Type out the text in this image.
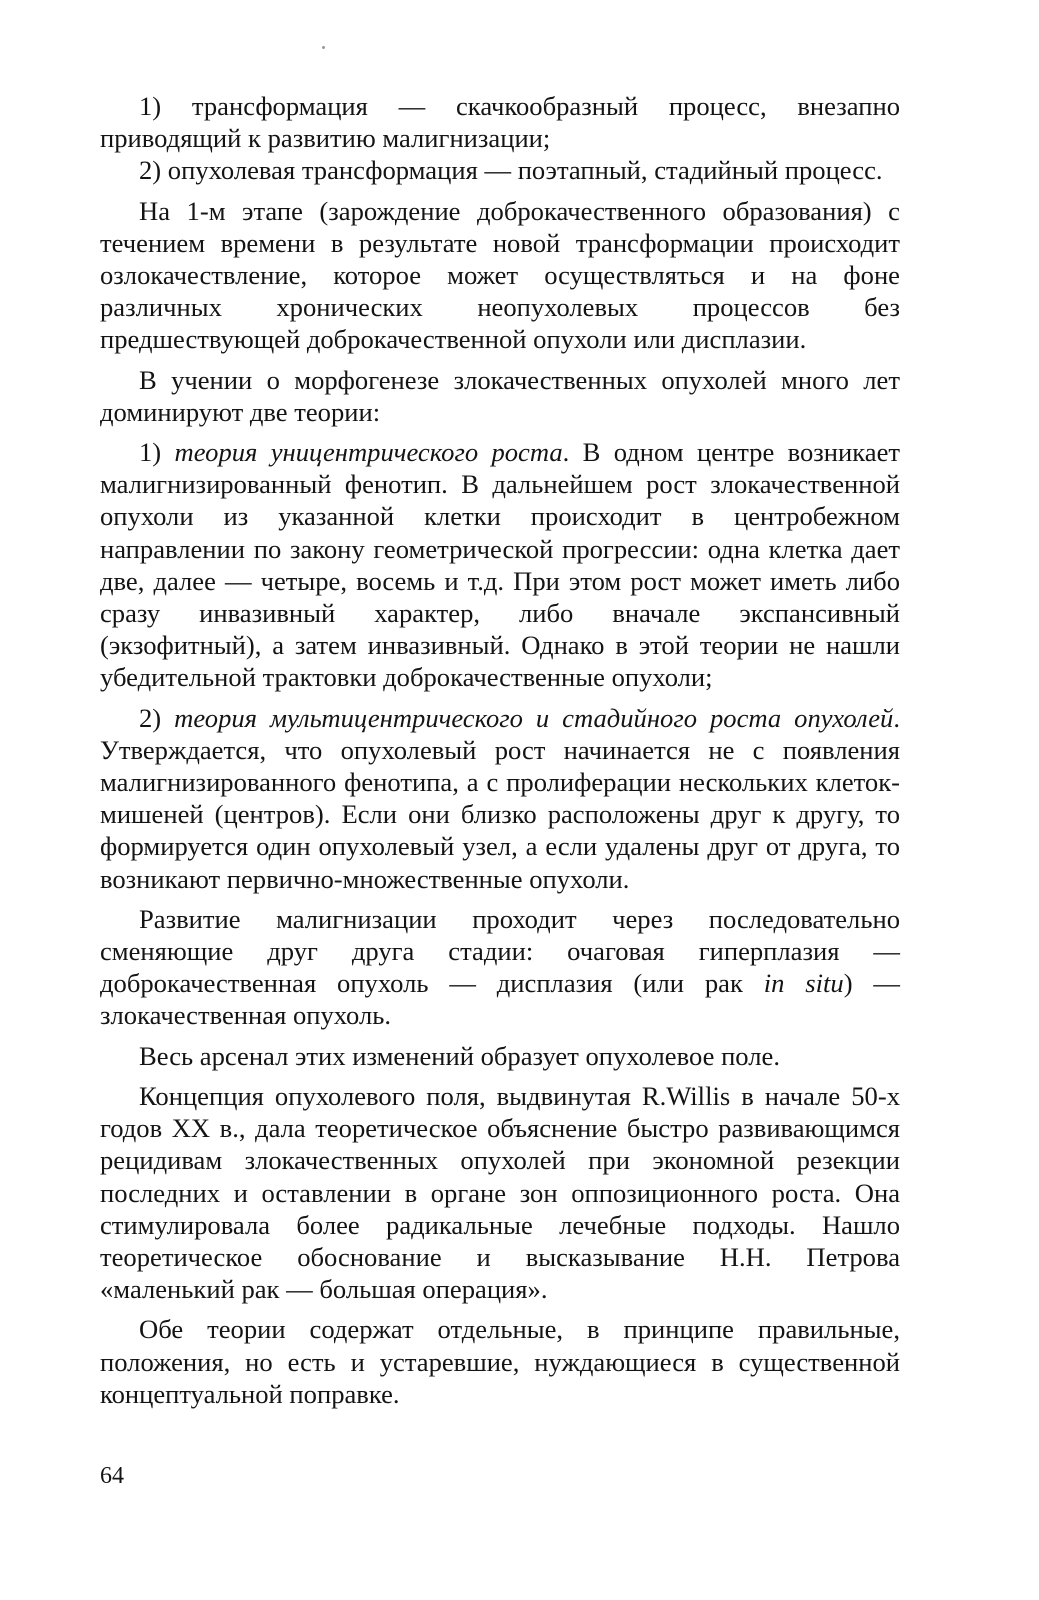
1) трансформация — скачкообразный процесс, внезапно приводящий к развитию малигнизации;

2) опухолевая трансформация — поэтапный, стадийный процесс.

На 1-м этапе (зарождение доброкачественного образования) с течением времени в результате новой трансформации происходит озлокачествление, которое может осуществляться и на фоне различных хронических неопухолевых процессов без предшествующей доброкачественной опухоли или дисплазии.

В учении о морфогенезе злокачественных опухолей много лет доминируют две теории:

1) теория уницентрического роста. В одном центре возникает малигнизированный фенотип. В дальнейшем рост злокачественной опухоли из указанной клетки происходит в центробежном направлении по закону геометрической прогрессии: одна клетка дает две, далее — четыре, восемь и т.д. При этом рост может иметь либо сразу инвазивный характер, либо вначале экспансивный (экзофитный), а затем инвазивный. Однако в этой теории не нашли убедительной трактовки доброкачественные опухоли;

2) теория мультицентрического и стадийного роста опухолей. Утверждается, что опухолевый рост начинается не с появления малигнизированного фенотипа, а с пролиферации нескольких клеток-мишеней (центров). Если они близко расположены друг к другу, то формируется один опухолевый узел, а если удалены друг от друга, то возникают первично-множественные опухоли.

Развитие малигнизации проходит через последовательно сменяющие друг друга стадии: очаговая гиперплазия — доброкачественная опухоль — дисплазия (или рак in situ) — злокачественная опухоль.

Весь арсенал этих изменений образует опухолевое поле.

Концепция опухолевого поля, выдвинутая R.Willis в начале 50-х годов XX в., дала теоретическое объяснение быстро развивающимся рецидивам злокачественных опухолей при экономной резекции последних и оставлении в органе зон оппозиционного роста. Она стимулировала более радикальные лечебные подходы. Нашло теоретическое обоснование и высказывание Н.Н. Петрова «маленький рак — большая операция».

Обе теории содержат отдельные, в принципе правильные, положения, но есть и устаревшие, нуждающиеся в существенной концептуальной поправке.

64
